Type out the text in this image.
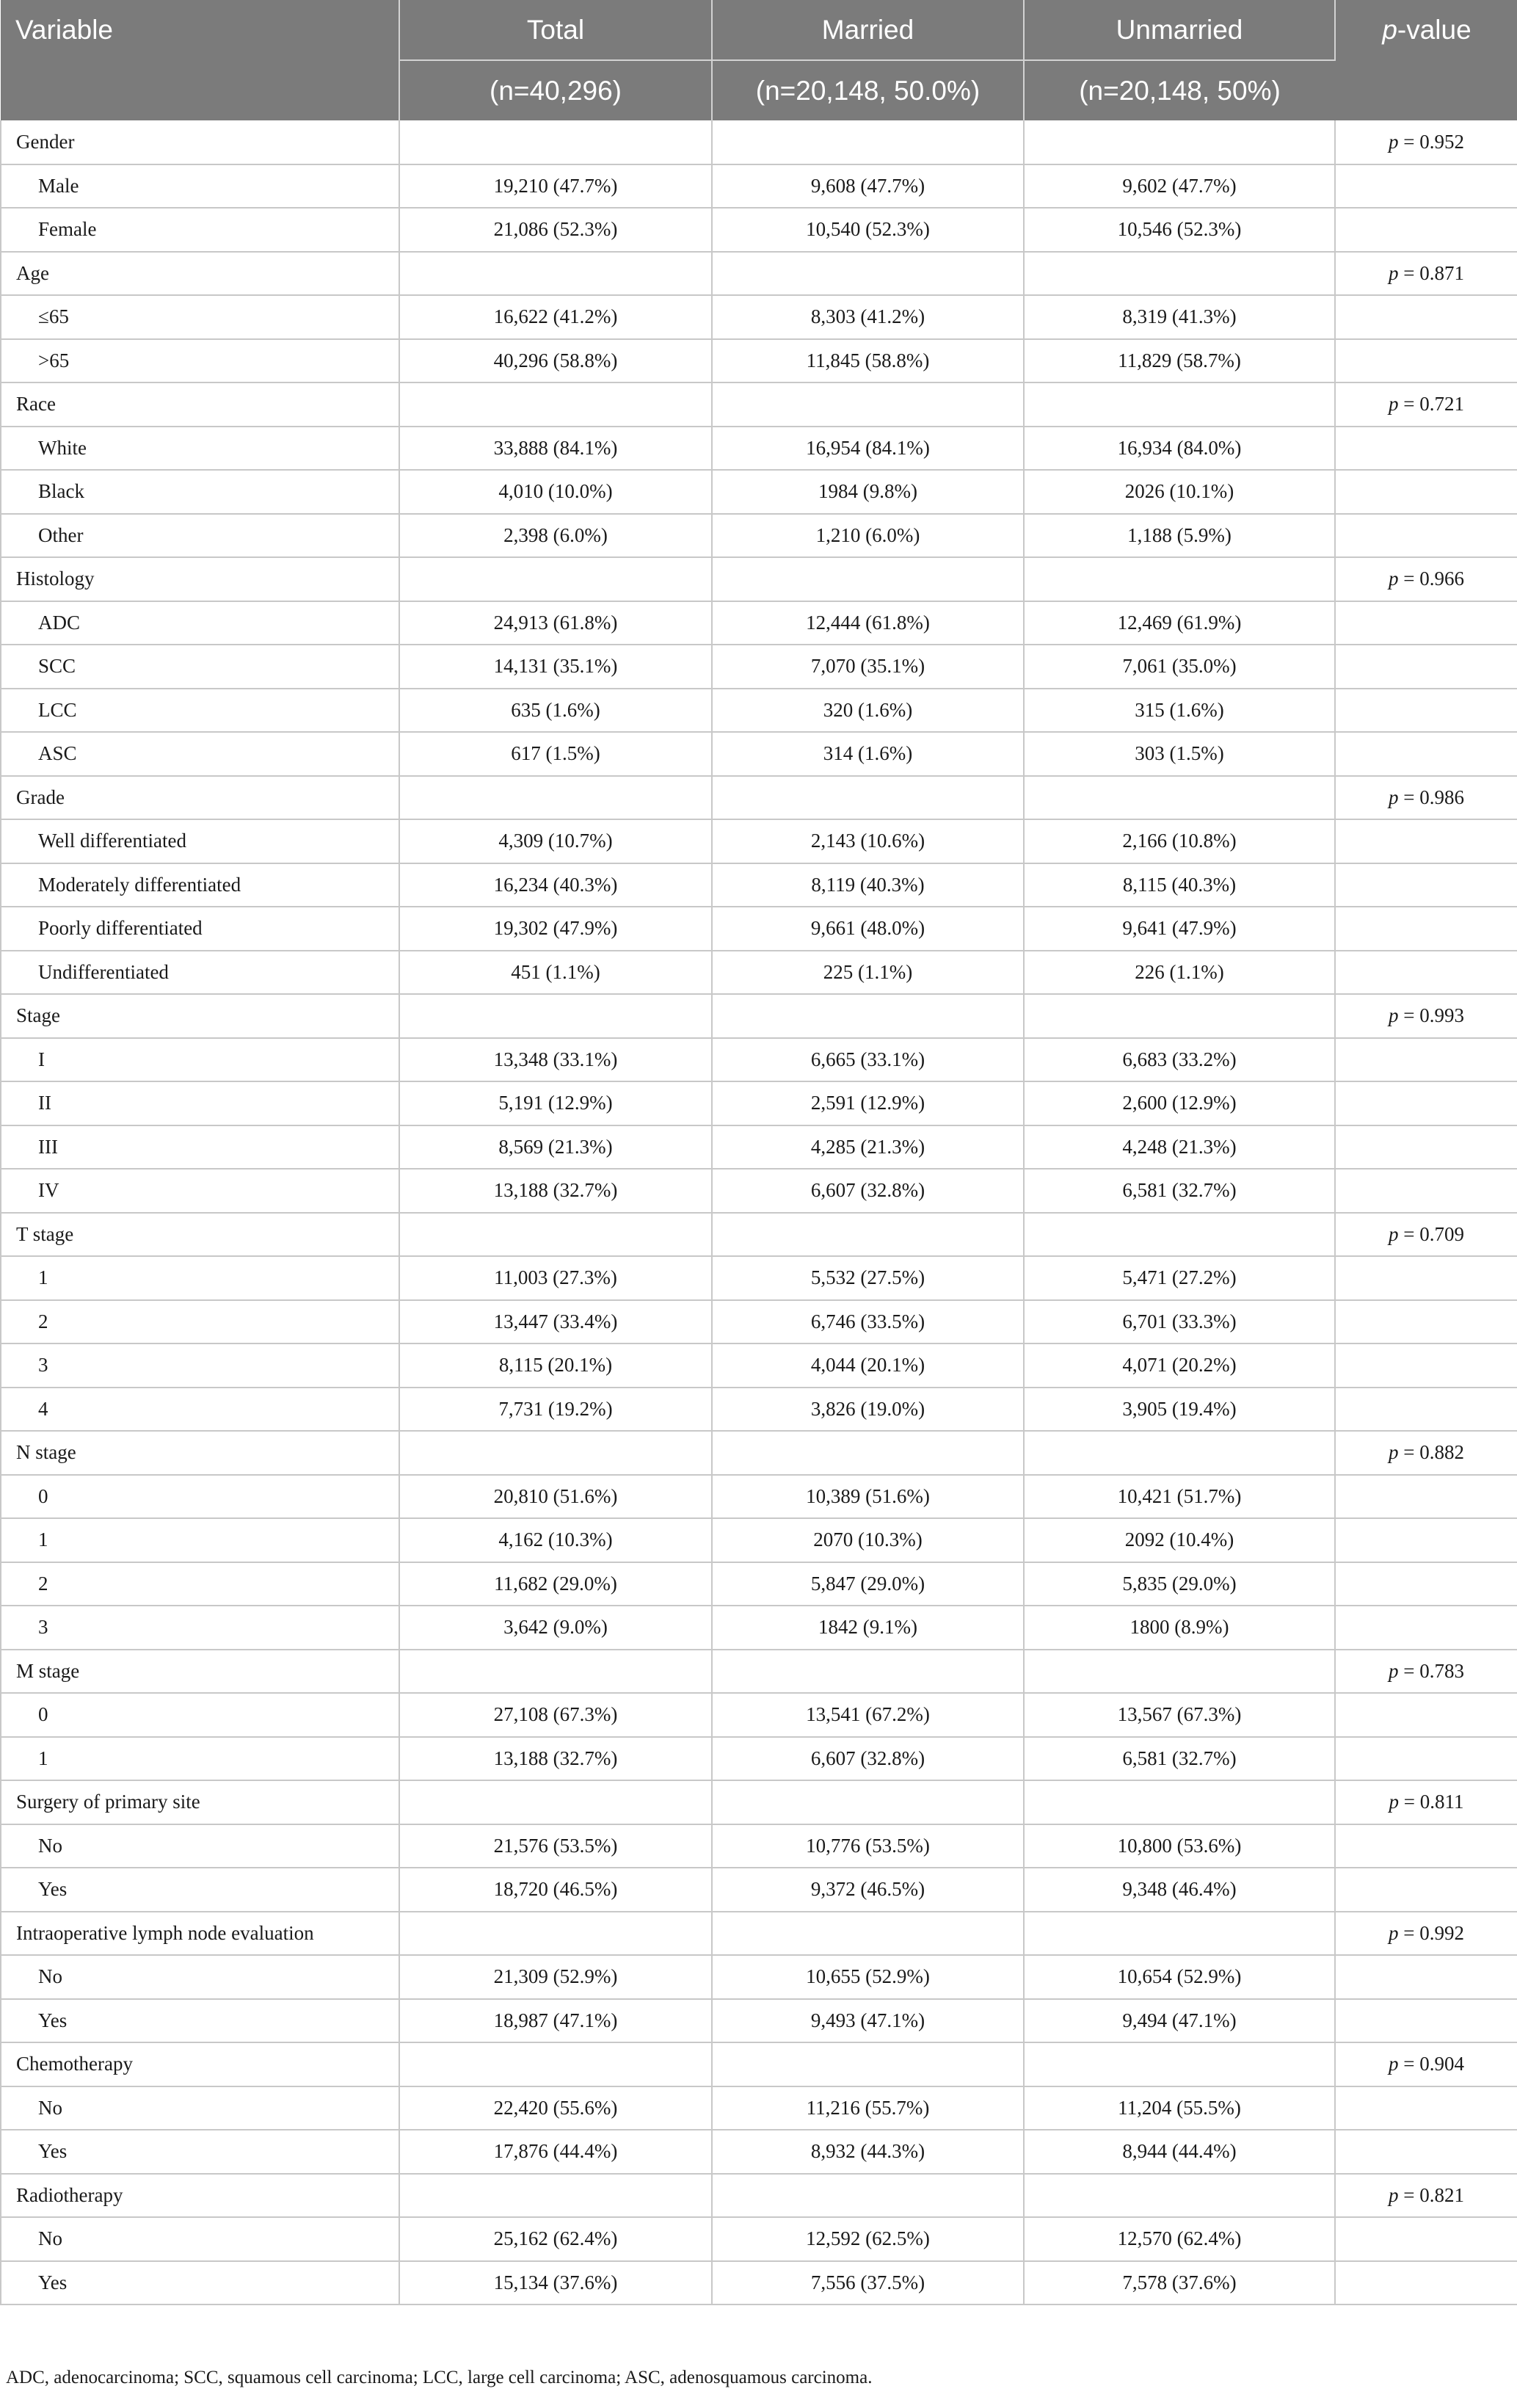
Variable	Total	Married	Unmarried	p-value
	(n=40,296)	(n=20,148, 50.0%)	(n=20,148, 50%)	
Gender				p = 0.952
Male	19,210 (47.7%)	9,608 (47.7%)	9,602 (47.7%)	
Female	21,086 (52.3%)	10,540 (52.3%)	10,546 (52.3%)	
Age				p = 0.871
≤65	16,622 (41.2%)	8,303 (41.2%)	8,319 (41.3%)	
>65	40,296 (58.8%)	11,845 (58.8%)	11,829 (58.7%)	
Race				p = 0.721
White	33,888 (84.1%)	16,954 (84.1%)	16,934 (84.0%)	
Black	4,010 (10.0%)	1984 (9.8%)	2026 (10.1%)	
Other	2,398 (6.0%)	1,210 (6.0%)	1,188 (5.9%)	
Histology				p = 0.966
ADC	24,913 (61.8%)	12,444 (61.8%)	12,469 (61.9%)	
SCC	14,131 (35.1%)	7,070 (35.1%)	7,061 (35.0%)	
LCC	635 (1.6%)	320 (1.6%)	315 (1.6%)	
ASC	617 (1.5%)	314 (1.6%)	303 (1.5%)	
Grade				p = 0.986
Well differentiated	4,309 (10.7%)	2,143 (10.6%)	2,166 (10.8%)	
Moderately differentiated	16,234 (40.3%)	8,119 (40.3%)	8,115 (40.3%)	
Poorly differentiated	19,302 (47.9%)	9,661 (48.0%)	9,641 (47.9%)	
Undifferentiated	451 (1.1%)	225 (1.1%)	226 (1.1%)	
Stage				p = 0.993
I	13,348 (33.1%)	6,665 (33.1%)	6,683 (33.2%)	
II	5,191 (12.9%)	2,591 (12.9%)	2,600 (12.9%)	
III	8,569 (21.3%)	4,285 (21.3%)	4,248 (21.3%)	
IV	13,188 (32.7%)	6,607 (32.8%)	6,581 (32.7%)	
T stage				p = 0.709
1	11,003 (27.3%)	5,532 (27.5%)	5,471 (27.2%)	
2	13,447 (33.4%)	6,746 (33.5%)	6,701 (33.3%)	
3	8,115 (20.1%)	4,044 (20.1%)	4,071 (20.2%)	
4	7,731 (19.2%)	3,826 (19.0%)	3,905 (19.4%)	
N stage				p = 0.882
0	20,810 (51.6%)	10,389 (51.6%)	10,421 (51.7%)	
1	4,162 (10.3%)	2070 (10.3%)	2092 (10.4%)	
2	11,682 (29.0%)	5,847 (29.0%)	5,835 (29.0%)	
3	3,642 (9.0%)	1842 (9.1%)	1800 (8.9%)	
M stage				p = 0.783
0	27,108 (67.3%)	13,541 (67.2%)	13,567 (67.3%)	
1	13,188 (32.7%)	6,607 (32.8%)	6,581 (32.7%)	
Surgery of primary site				p = 0.811
No	21,576 (53.5%)	10,776 (53.5%)	10,800 (53.6%)	
Yes	18,720 (46.5%)	9,372 (46.5%)	9,348 (46.4%)	
Intraoperative lymph node evaluation				p = 0.992
No	21,309 (52.9%)	10,655 (52.9%)	10,654 (52.9%)	
Yes	18,987 (47.1%)	9,493 (47.1%)	9,494 (47.1%)	
Chemotherapy				p = 0.904
No	22,420 (55.6%)	11,216 (55.7%)	11,204 (55.5%)	
Yes	17,876 (44.4%)	8,932 (44.3%)	8,944 (44.4%)	
Radiotherapy				p = 0.821
No	25,162 (62.4%)	12,592 (62.5%)	12,570 (62.4%)	
Yes	15,134 (37.6%)	7,556 (37.5%)	7,578 (37.6%)	
ADC, adenocarcinoma; SCC, squamous cell carcinoma; LCC, large cell carcinoma; ASC, adenosquamous carcinoma.
